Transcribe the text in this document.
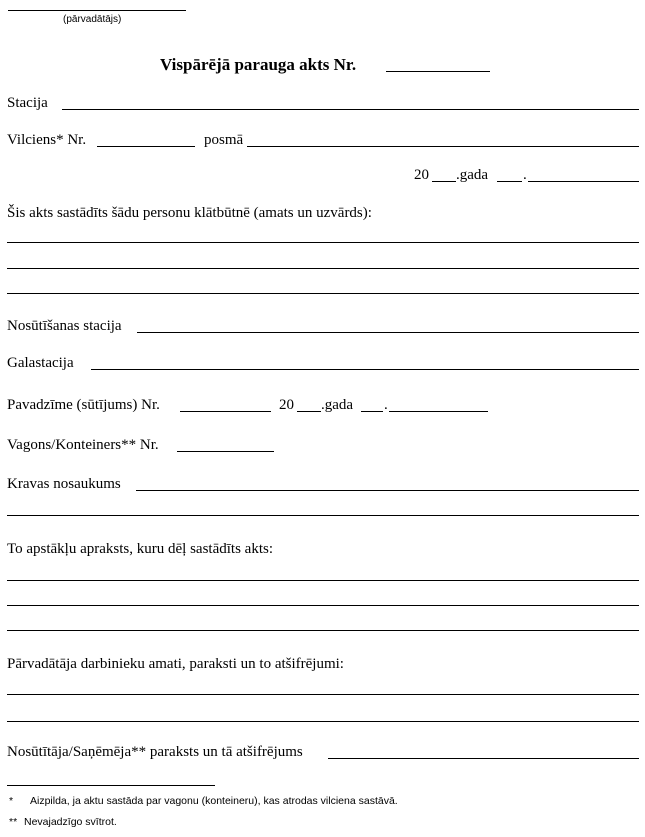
(pārvadātājs)
Vispārējā parauga akts Nr.
Stacija
Vilciens* Nr.	posmā
20 .gada .
Šis akts sastādīts šādu personu klātbūtnē (amats un uzvārds):
Nosūtīšanas stacija
Galastacija
Pavadzīme (sūtījums) Nr.	20 .gada .
Vagons/Konteiners** Nr.
Kravas nosaukums
To apstākļu apraksts, kuru dēļ sastādīts akts:
Pārvadātāja darbinieku amati, paraksti un to atšifrējumi:
Nosūtītāja/Saņēmēja** paraksts un tā atšifrējums
* Aizpilda, ja aktu sastāda par vagonu (konteineru), kas atrodas vilciena sastāvā.
** Nevajadzīgo svītrot.
